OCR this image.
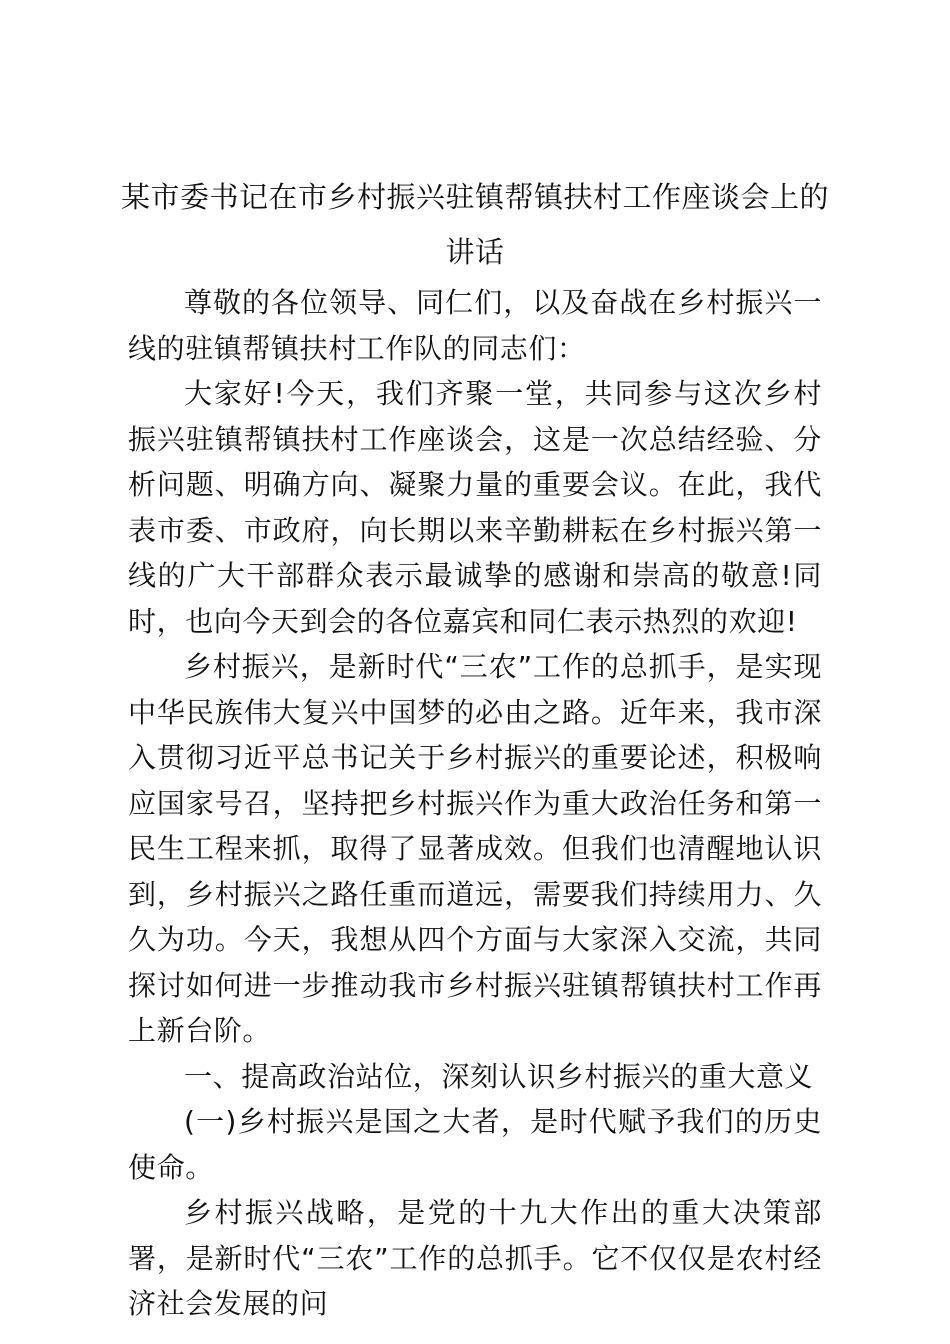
某市委书记在市乡村振兴驻镇帮镇扶村工作座谈会上的讲话

尊敬的各位领导、同仁们，以及奋战在乡村振兴一线的驻镇帮镇扶村工作队的同志们：

大家好!今天，我们齐聚一堂，共同参与这次乡村振兴驻镇帮镇扶村工作座谈会，这是一次总结经验、分析问题、明确方向、凝聚力量的重要会议。在此，我代表市委、市政府，向长期以来辛勤耕耘在乡村振兴第一线的广大干部群众表示最诚挚的感谢和崇高的敬意!同时，也向今天到会的各位嘉宾和同仁表示热烈的欢迎!

乡村振兴，是新时代“三农”工作的总抓手，是实现中华民族伟大复兴中国梦的必由之路。近年来，我市深入贯彻习近平总书记关于乡村振兴的重要论述，积极响应国家号召，坚持把乡村振兴作为重大政治任务和第一民生工程来抓，取得了显著成效。但我们也清醒地认识到，乡村振兴之路任重而道远，需要我们持续用力、久久为功。今天，我想从四个方面与大家深入交流，共同探讨如何进一步推动我市乡村振兴驻镇帮镇扶村工作再上新台阶。

一、提高政治站位，深刻认识乡村振兴的重大意义

(一)乡村振兴是国之大者，是时代赋予我们的历史使命。

乡村振兴战略，是党的十九大作出的重大决策部署，是新时代“三农”工作的总抓手。它不仅仅是农村经济社会发展的问
